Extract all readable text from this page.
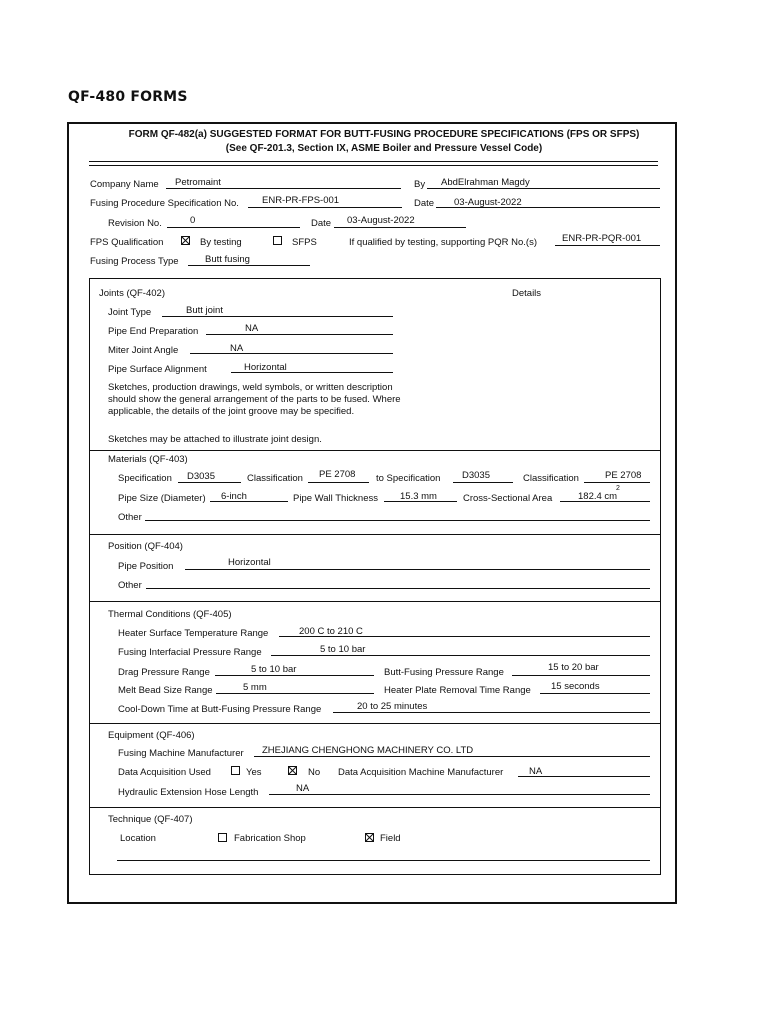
QF-480 FORMS
FORM QF-482(a) SUGGESTED FORMAT FOR BUTT-FUSING PROCEDURE SPECIFICATIONS (FPS OR SFPS)
(See QF-201.3, Section IX, ASME Boiler and Pressure Vessel Code)
Company Name Petromaint	By AbdElrahman Magdy
Fusing Procedure Specification No. ENR-PR-FPS-001	Date 03-August-2022
Revision No.	0	Date 03-August-2022
FPS Qualification	By testing	SFPS	If qualified by testing, supporting PQR No.(s)	ENR-PR-PQR-001
Fusing Process Type	Butt fusing
Joints (QF-402)	Details
Joint Type	Butt joint
Pipe End Preparation	NA
Miter Joint Angle	NA
Pipe Surface Alignment	Horizontal
Sketches, production drawings, weld symbols, or written description
should show the general arrangement of the parts to be fused. Where
applicable, the details of the joint groove may be specified.
Sketches may be attached to illustrate joint design.
Materials (QF-403)
Specification D3035	Classification PE 2708 to Specification D3035	Classification	PE 2708
Pipe Size (Diameter) 6-inch	Pipe Wall Thickness 15.3 mm	Cross-Sectional Area	182.4 cm
2
Other
Position (QF-404)
Pipe Position	Horizontal
Other
Thermal Conditions (QF-405)
Heater Surface Temperature Range	200 C to 210 C
Fusing Interfacial Pressure Range	5 to 10 bar
Drag Pressure Range	5 to 10 bar	Butt-Fusing Pressure Range	15 to 20 bar
Melt Bead Size Range	5 mm	Heater Plate Removal Time Range 15 seconds
Cool-Down Time at Butt-Fusing Pressure Range	20 to 25 minutes
Equipment (QF-406)
Fusing Machine Manufacturer ZHEJIANG CHENGHONG MACHINERY CO. LTD
Data Acquisition Used	Yes	No Data Acquisition Machine Manufacturer	NA
Hydraulic Extension Hose Length	NA
Technique (QF-407)
Location	Fabrication Shop	Field
